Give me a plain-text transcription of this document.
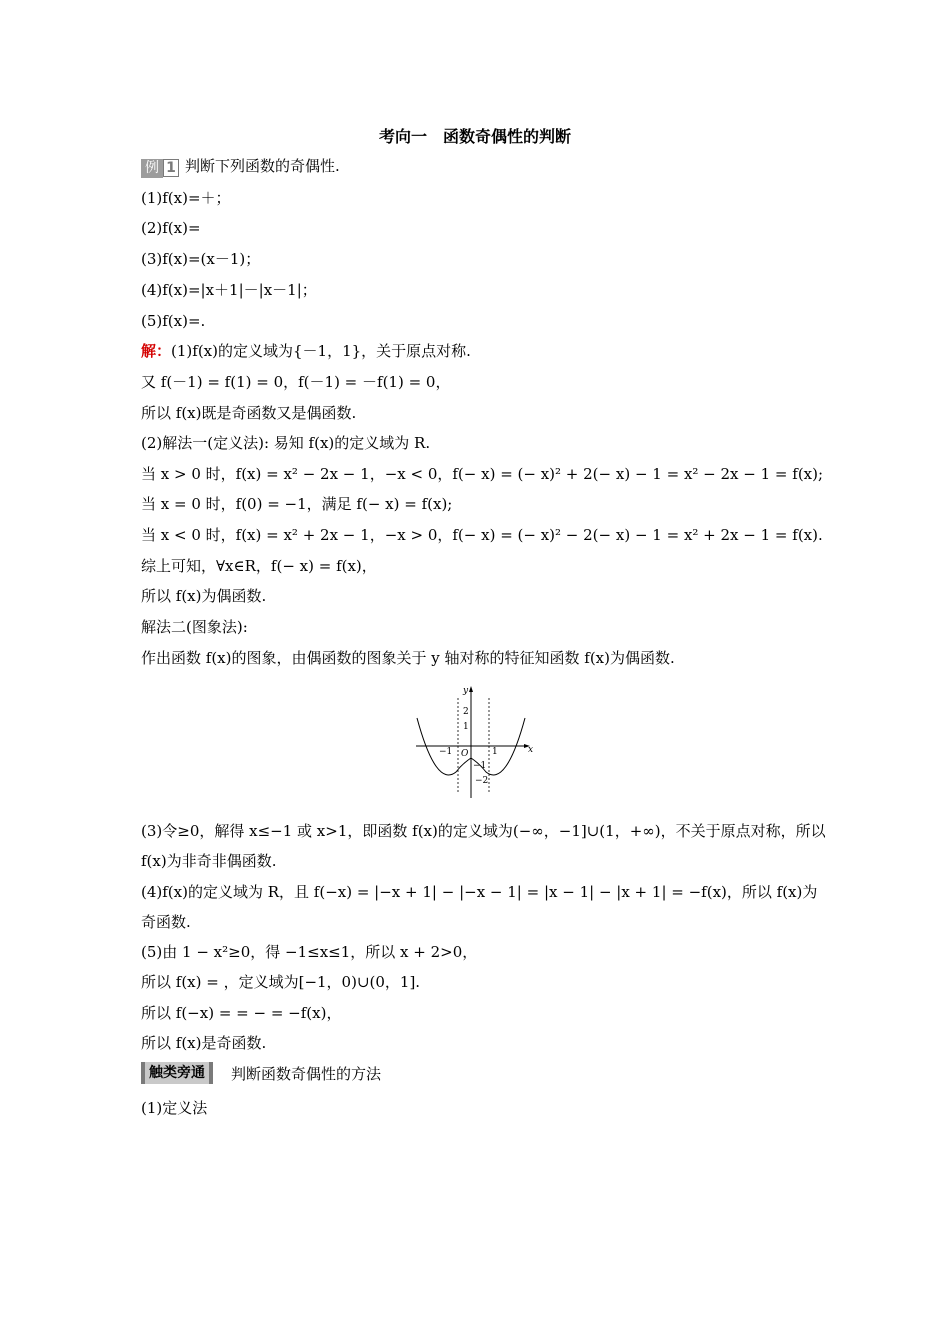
考向一　函数奇偶性的判断
例 1 判断下列函数的奇偶性.
(1)f(x)=＋；
(2)f(x)=
(3)f(x)=(x－1)；
(4)f(x)=|x＋1|－|x－1|；
(5)f(x)=.
解：(1)f(x)的定义域为{－1，1}，关于原点对称.
又 f(－1) = f(1) = 0，f(－1) = －f(1) = 0，
所以 f(x)既是奇函数又是偶函数.
(2)解法一(定义法): 易知 f(x)的定义域为 R.
当 x > 0 时，f(x) = x² − 2x − 1，−x < 0，f(− x) = (− x)² + 2(− x) − 1 = x² − 2x − 1 = f(x);
当 x = 0 时，f(0) = −1，满足 f(− x) = f(x);
当 x < 0 时，f(x) = x² + 2x − 1，−x > 0，f(− x) = (− x)² − 2(− x) − 1 = x² + 2x − 1 = f(x).
综上可知，∀x∈R，f(− x) = f(x)，
所以 f(x)为偶函数.
解法二(图象法):
作出函数 f(x)的图象，由偶函数的图象关于 y 轴对称的特征知函数 f(x)为偶函数.
y
x
O
2
1
−1	1
−1
−2
(3)令≥0，解得 x≤−1 或 x>1，即函数 f(x)的定义域为(−∞，−1]∪(1，+∞)，不关于原点对称，所以 f(x)为非奇非偶函数.
(4)f(x)的定义域为 R，且 f(−x) = |−x + 1| − |−x − 1| = |x − 1| − |x + 1| = −f(x)，所以 f(x)为奇函数.
(5)由 1 − x²≥0，得 −1≤x≤1，所以 x + 2>0，
所以 f(x) = ，定义域为[−1，0)∪(0，1].
所以 f(−x) = = − = −f(x)，
所以 f(x)是奇函数.
触类旁通 判断函数奇偶性的方法
(1)定义法
